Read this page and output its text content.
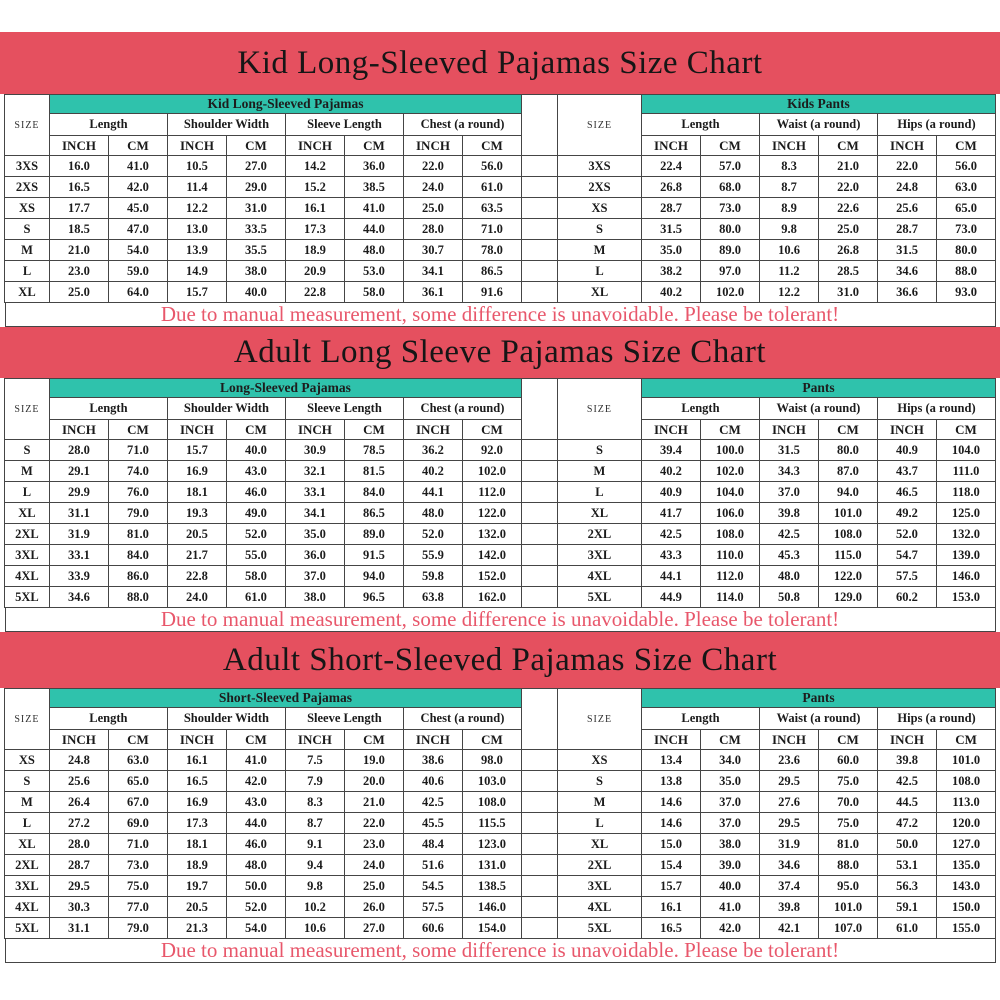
Kid Long-Sleeved Pajamas Size Chart
SIZE	Kid Long-Sleeved Pajamas									SIZE	Kids Pants					
	Length		Shoulder Width		Sleeve Length		Chest (a round)				Length		Waist (a round)		Hips (a round)	
	INCH	CM	INCH	CM	INCH	CM	INCH	CM			INCH	CM	INCH	CM	INCH	CM
3XS	16.0	41.0	10.5	27.0	14.2	36.0	22.0	56.0		3XS	22.4	57.0	8.3	21.0	22.0	56.0
2XS	16.5	42.0	11.4	29.0	15.2	38.5	24.0	61.0		2XS	26.8	68.0	8.7	22.0	24.8	63.0
XS	17.7	45.0	12.2	31.0	16.1	41.0	25.0	63.5		XS	28.7	73.0	8.9	22.6	25.6	65.0
S	18.5	47.0	13.0	33.5	17.3	44.0	28.0	71.0		S	31.5	80.0	9.8	25.0	28.7	73.0
M	21.0	54.0	13.9	35.5	18.9	48.0	30.7	78.0		M	35.0	89.0	10.6	26.8	31.5	80.0
L	23.0	59.0	14.9	38.0	20.9	53.0	34.1	86.5		L	38.2	97.0	11.2	28.5	34.6	88.0
XL	25.0	64.0	15.7	40.0	22.8	58.0	36.1	91.6		XL	40.2	102.0	12.2	31.0	36.6	93.0
Due to manual measurement, some difference is unavoidable. Please be tolerant!
Adult Long Sleeve Pajamas Size Chart
SIZE	Long-Sleeved Pajamas									SIZE	Pants					
	Length		Shoulder Width		Sleeve Length		Chest (a round)				Length		Waist (a round)		Hips (a round)	
	INCH	CM	INCH	CM	INCH	CM	INCH	CM			INCH	CM	INCH	CM	INCH	CM
S	28.0	71.0	15.7	40.0	30.9	78.5	36.2	92.0		S	39.4	100.0	31.5	80.0	40.9	104.0
M	29.1	74.0	16.9	43.0	32.1	81.5	40.2	102.0		M	40.2	102.0	34.3	87.0	43.7	111.0
L	29.9	76.0	18.1	46.0	33.1	84.0	44.1	112.0		L	40.9	104.0	37.0	94.0	46.5	118.0
XL	31.1	79.0	19.3	49.0	34.1	86.5	48.0	122.0		XL	41.7	106.0	39.8	101.0	49.2	125.0
2XL	31.9	81.0	20.5	52.0	35.0	89.0	52.0	132.0		2XL	42.5	108.0	42.5	108.0	52.0	132.0
3XL	33.1	84.0	21.7	55.0	36.0	91.5	55.9	142.0		3XL	43.3	110.0	45.3	115.0	54.7	139.0
4XL	33.9	86.0	22.8	58.0	37.0	94.0	59.8	152.0		4XL	44.1	112.0	48.0	122.0	57.5	146.0
5XL	34.6	88.0	24.0	61.0	38.0	96.5	63.8	162.0		5XL	44.9	114.0	50.8	129.0	60.2	153.0
Due to manual measurement, some difference is unavoidable. Please be tolerant!
Adult Short-Sleeved Pajamas Size Chart
SIZE	Short-Sleeved Pajamas									SIZE	Pants					
	Length		Shoulder Width		Sleeve Length		Chest (a round)				Length		Waist (a round)		Hips (a round)	
	INCH	CM	INCH	CM	INCH	CM	INCH	CM			INCH	CM	INCH	CM	INCH	CM
XS	24.8	63.0	16.1	41.0	7.5	19.0	38.6	98.0		XS	13.4	34.0	23.6	60.0	39.8	101.0
S	25.6	65.0	16.5	42.0	7.9	20.0	40.6	103.0		S	13.8	35.0	29.5	75.0	42.5	108.0
M	26.4	67.0	16.9	43.0	8.3	21.0	42.5	108.0		M	14.6	37.0	27.6	70.0	44.5	113.0
L	27.2	69.0	17.3	44.0	8.7	22.0	45.5	115.5		L	14.6	37.0	29.5	75.0	47.2	120.0
XL	28.0	71.0	18.1	46.0	9.1	23.0	48.4	123.0		XL	15.0	38.0	31.9	81.0	50.0	127.0
2XL	28.7	73.0	18.9	48.0	9.4	24.0	51.6	131.0		2XL	15.4	39.0	34.6	88.0	53.1	135.0
3XL	29.5	75.0	19.7	50.0	9.8	25.0	54.5	138.5		3XL	15.7	40.0	37.4	95.0	56.3	143.0
4XL	30.3	77.0	20.5	52.0	10.2	26.0	57.5	146.0		4XL	16.1	41.0	39.8	101.0	59.1	150.0
5XL	31.1	79.0	21.3	54.0	10.6	27.0	60.6	154.0		5XL	16.5	42.0	42.1	107.0	61.0	155.0
Due to manual measurement, some difference is unavoidable. Please be tolerant!
